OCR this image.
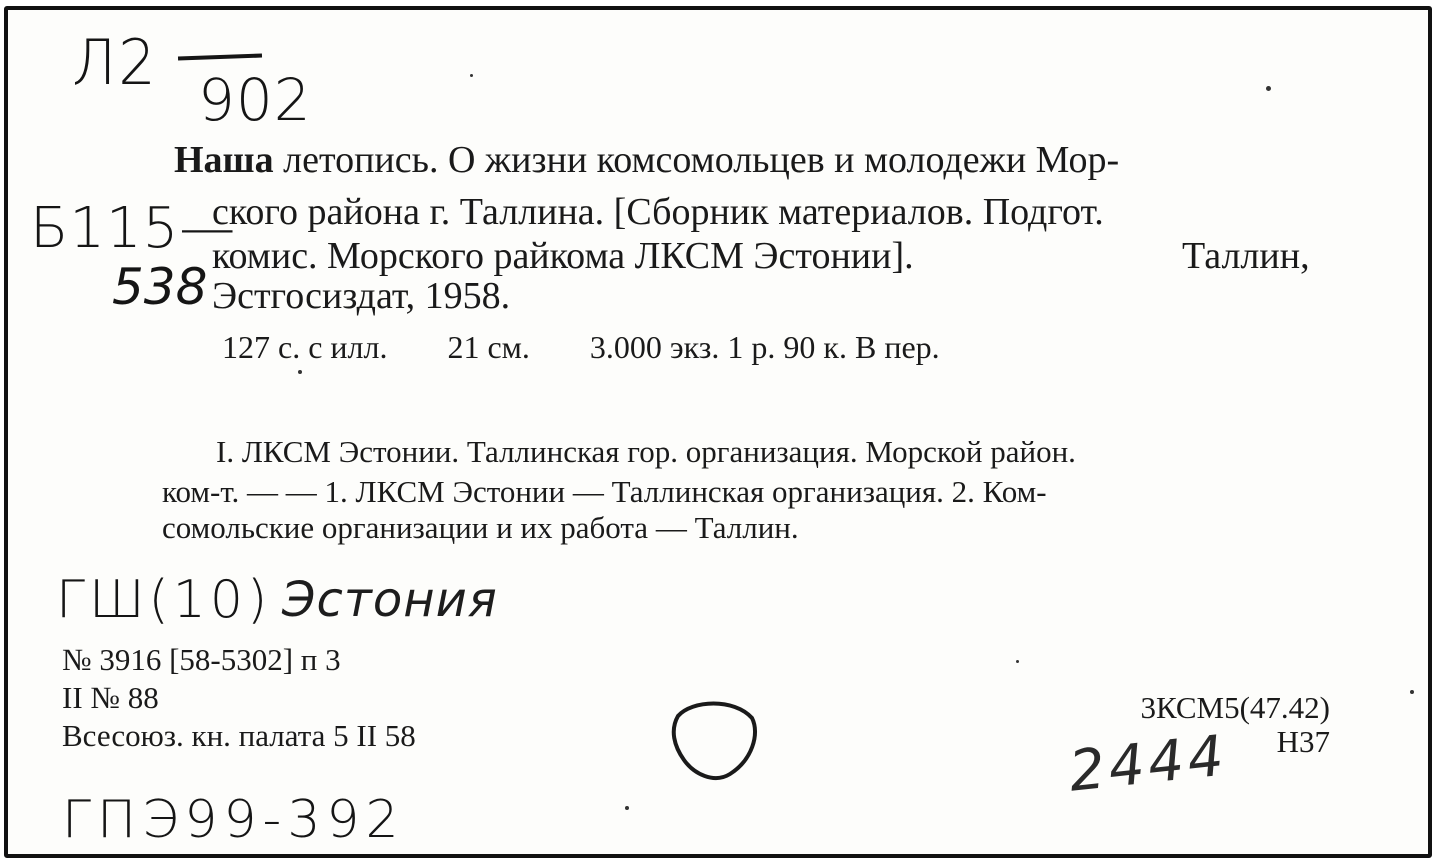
Л2
902
Б115—
538
Наша летопись. О жизни комсомольцев и молодежи Мор-
ского района г. Таллина. [Сборник материалов. Подгот.
комис. Морского райкома ЛКСМ Эстонии].	Таллин,
Эстгосиздат, 1958.
127 с. с илл. 21 см. 3.000 экз. 1 р. 90 к. В пер.
I. ЛКСМ Эстонии. Таллинская гор. организация. Морской район.
ком-т. — — 1. ЛКСМ Эстонии — Таллинская организация. 2. Ком-
сомольские организации и их работа — Таллин.
ГШ(10) Эстония
№ 3916 [58-5302] п 3
II № 88
Всесоюз. кн. палата 5 II 58
3КСМ5(47.42)
Н37
ГПЭ99-392
2444
